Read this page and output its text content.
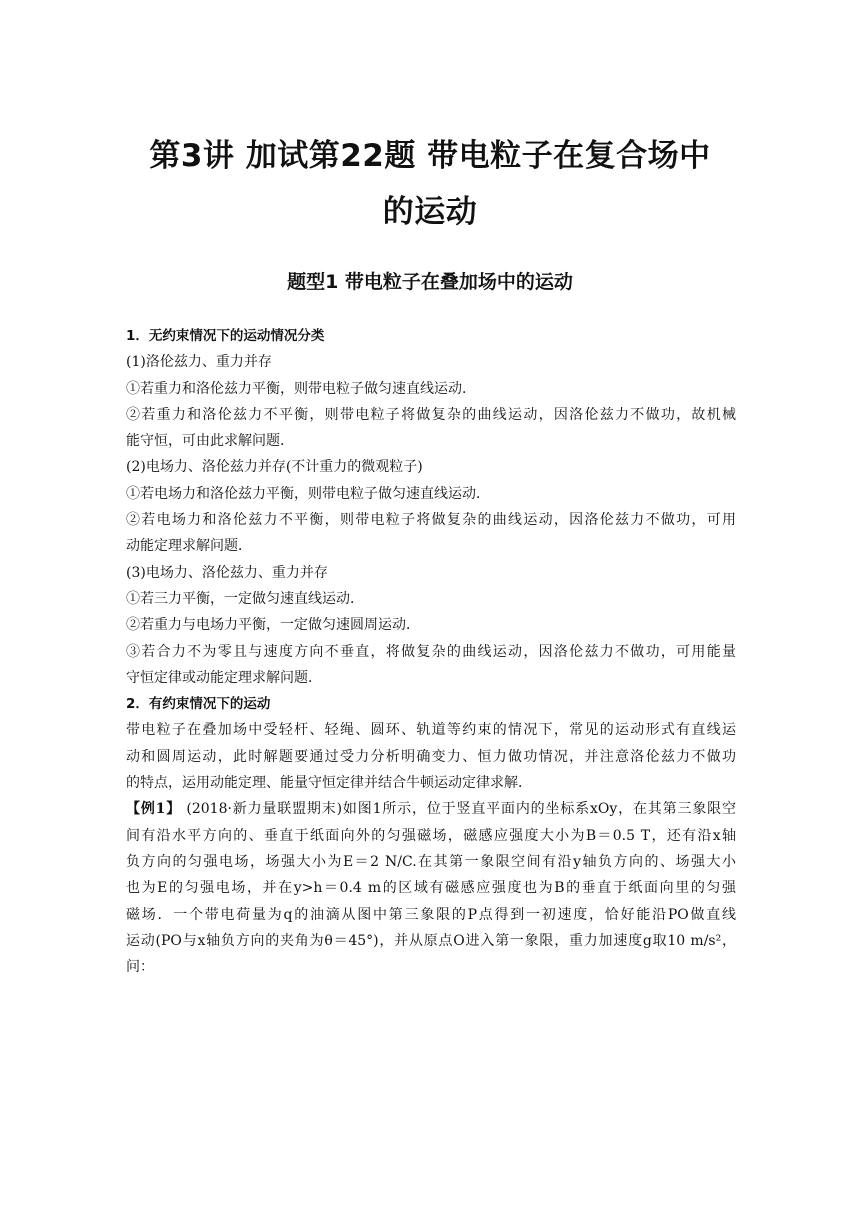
第3讲 加试第22题 带电粒子在复合场中
的运动
题型1 带电粒子在叠加场中的运动
1．无约束情况下的运动情况分类
(1)洛伦兹力、重力并存
①若重力和洛伦兹力平衡，则带电粒子做匀速直线运动．
②若重力和洛伦兹力不平衡，则带电粒子将做复杂的曲线运动，因洛伦兹力不做功，故机械
能守恒，可由此求解问题.
(2)电场力、洛伦兹力并存(不计重力的微观粒子)
①若电场力和洛伦兹力平衡，则带电粒子做匀速直线运动．
②若电场力和洛伦兹力不平衡，则带电粒子将做复杂的曲线运动，因洛伦兹力不做功，可用
动能定理求解问题．
(3)电场力、洛伦兹力、重力并存
①若三力平衡，一定做匀速直线运动．
②若重力与电场力平衡，一定做匀速圆周运动．
③若合力不为零且与速度方向不垂直，将做复杂的曲线运动，因洛伦兹力不做功，可用能量
守恒定律或动能定理求解问题．
2．有约束情况下的运动
带电粒子在叠加场中受轻杆、轻绳、圆环、轨道等约束的情况下，常见的运动形式有直线运
动和圆周运动，此时解题要通过受力分析明确变力、恒力做功情况，并注意洛伦兹力不做功
的特点，运用动能定理、能量守恒定律并结合牛顿运动定律求解．
【例1】 (2018·新力量联盟期末)如图1所示，位于竖直平面内的坐标系xOy，在其第三象限空
间有沿水平方向的、垂直于纸面向外的匀强磁场，磁感应强度大小为B＝0.5 T，还有沿x轴
负方向的匀强电场，场强大小为E＝2 N/C.在其第一象限空间有沿y轴负方向的、场强大小
也为E的匀强电场，并在y>h＝0.4 m的区域有磁感应强度也为B的垂直于纸面向里的匀强
磁场．一个带电荷量为q的油滴从图中第三象限的P点得到一初速度，恰好能沿PO做直线
运动(PO与x轴负方向的夹角为θ＝45°)，并从原点O进入第一象限，重力加速度g取10 m/s²，
问：
